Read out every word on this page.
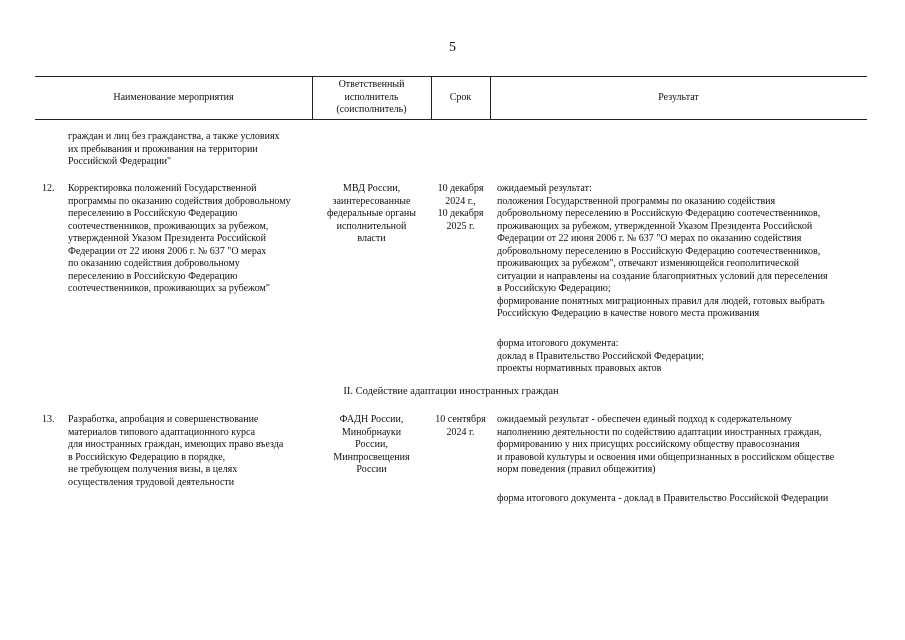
5
Наименование мероприятия
Ответственный
исполнитель
(соисполнитель)
Срок	Результат
граждан и лиц без гражданства, а также условиях
их пребывания и проживания на территории
Российской Федерации"
12. Корректировка положений Государственной
программы по оказанию содействия добровольному
переселению в Российскую Федерацию
соотечественников, проживающих за рубежом,
утвержденной Указом Президента Российской
Федерации от 22 июня 2006 г. № 637 "О мерах
по оказанию содействия добровольному
переселению в Российскую Федерацию
соотечественников, проживающих за рубежом"
МВД России,
заинтересованные
федеральные органы
исполнительной
власти
10 декабря
2024 г.,
10 декабря
2025 г.
ожидаемый результат:
положения Государственной программы по оказанию содействия
добровольному переселению в Российскую Федерацию соотечественников,
проживающих за рубежом, утвержденной Указом Президента Российской
Федерации от 22 июня 2006 г. № 637 "О мерах по оказанию содействия
добровольному переселению в Российскую Федерацию соотечественников,
проживающих за рубежом", отвечают изменяющейся геополитической
ситуации и направлены на создание благоприятных условий для переселения
в Российскую Федерацию;
формирование понятных миграционных правил для людей, готовых выбрать
Российскую Федерацию в качестве нового места проживания
форма итогового документа:
доклад в Правительство Российской Федерации;
проекты нормативных правовых актов
II. Содействие адаптации иностранных граждан
13. Разработка, апробация и совершенствование
материалов типового адаптационного курса
для иностранных граждан, имеющих право въезда
в Российскую Федерацию в порядке,
не требующем получения визы, в целях
осуществления трудовой деятельности
ФАДН России,
Минобрнауки
России,
Минпросвещения
России
10 сентября
2024 г.
ожидаемый результат - обеспечен единый подход к содержательному
наполнению деятельности по содействию адаптации иностранных граждан,
формированию у них присущих российскому обществу правосознания
и правовой культуры и освоения ими общепризнанных в российском обществе
норм поведения (правил общежития)
форма итогового документа - доклад в Правительство Российской Федерации
